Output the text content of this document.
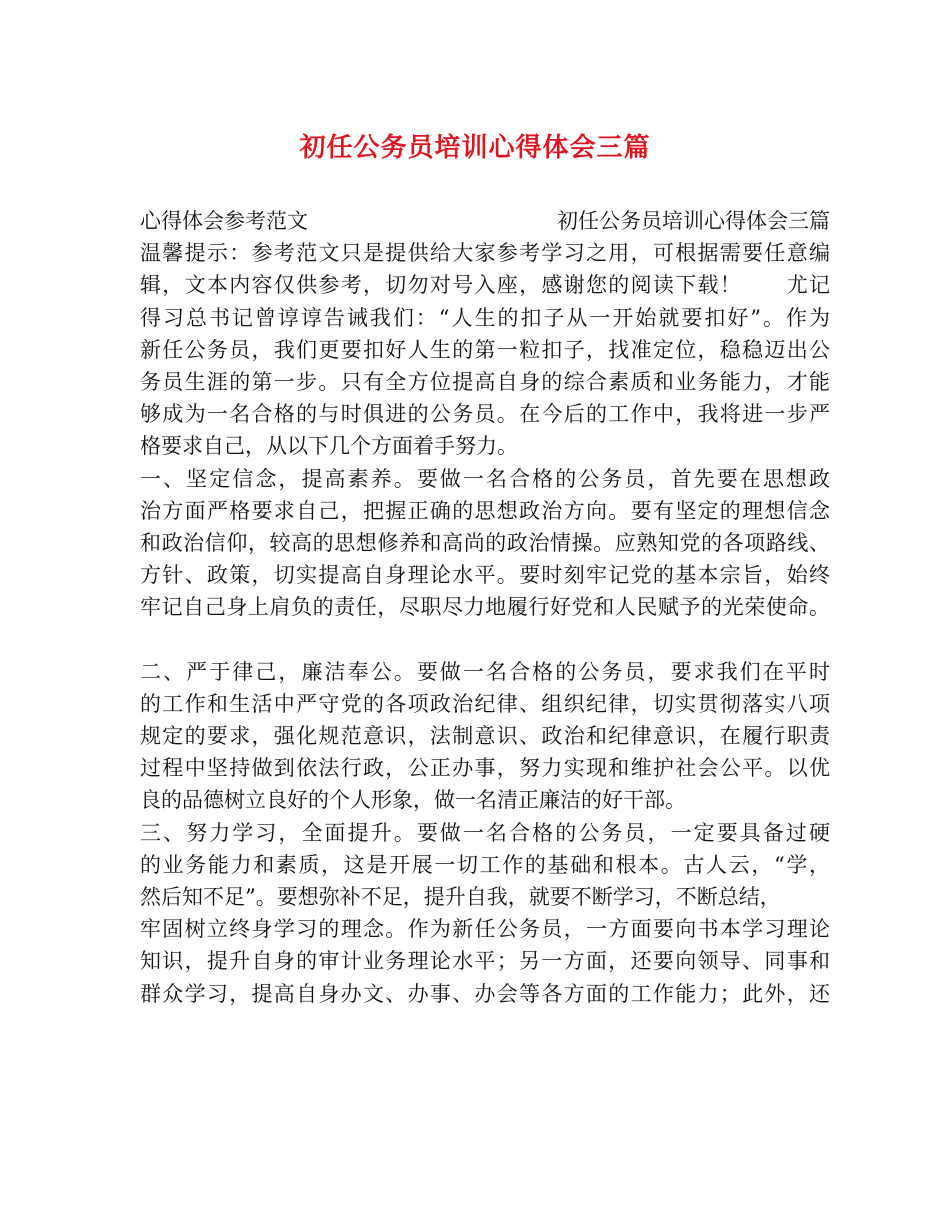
初任公务员培训心得体会三篇
心得体会参考范文	初任公务员培训心得体会三篇
温馨提示：参考范文只是提供给大家参考学习之用，可根据需要任意编
辑，文本内容仅供参考，切勿对号入座，感谢您的阅读下载！　　尤记
得习总书记曾谆谆告诫我们：“人生的扣子从一开始就要扣好”。作为
新任公务员，我们更要扣好人生的第一粒扣子，找准定位，稳稳迈出公
务员生涯的第一步。只有全方位提高自身的综合素质和业务能力，才能
够成为一名合格的与时俱进的公务员。在今后的工作中，我将进一步严
格要求自己，从以下几个方面着手努力。
一、坚定信念，提高素养。要做一名合格的公务员，首先要在思想政
治方面严格要求自己，把握正确的思想政治方向。要有坚定的理想信念
和政治信仰，较高的思想修养和高尚的政治情操。应熟知党的各项路线、
方针、政策，切实提高自身理论水平。要时刻牢记党的基本宗旨，始终
牢记自己身上肩负的责任，尽职尽力地履行好党和人民赋予的光荣使命。
二、严于律己，廉洁奉公。要做一名合格的公务员，要求我们在平时
的工作和生活中严守党的各项政治纪律、组织纪律，切实贯彻落实八项
规定的要求，强化规范意识，法制意识、政治和纪律意识，在履行职责
过程中坚持做到依法行政，公正办事，努力实现和维护社会公平。以优
良的品德树立良好的个人形象，做一名清正廉洁的好干部。
三、努力学习，全面提升。要做一名合格的公务员，一定要具备过硬
的业务能力和素质，这是开展一切工作的基础和根本。古人云，“学，
然后知不足”。要想弥补不足，提升自我，就要不断学习，不断总结，
牢固树立终身学习的理念。作为新任公务员，一方面要向书本学习理论
知识，提升自身的审计业务理论水平；另一方面，还要向领导、同事和
群众学习，提高自身办文、办事、办会等各方面的工作能力；此外，还
